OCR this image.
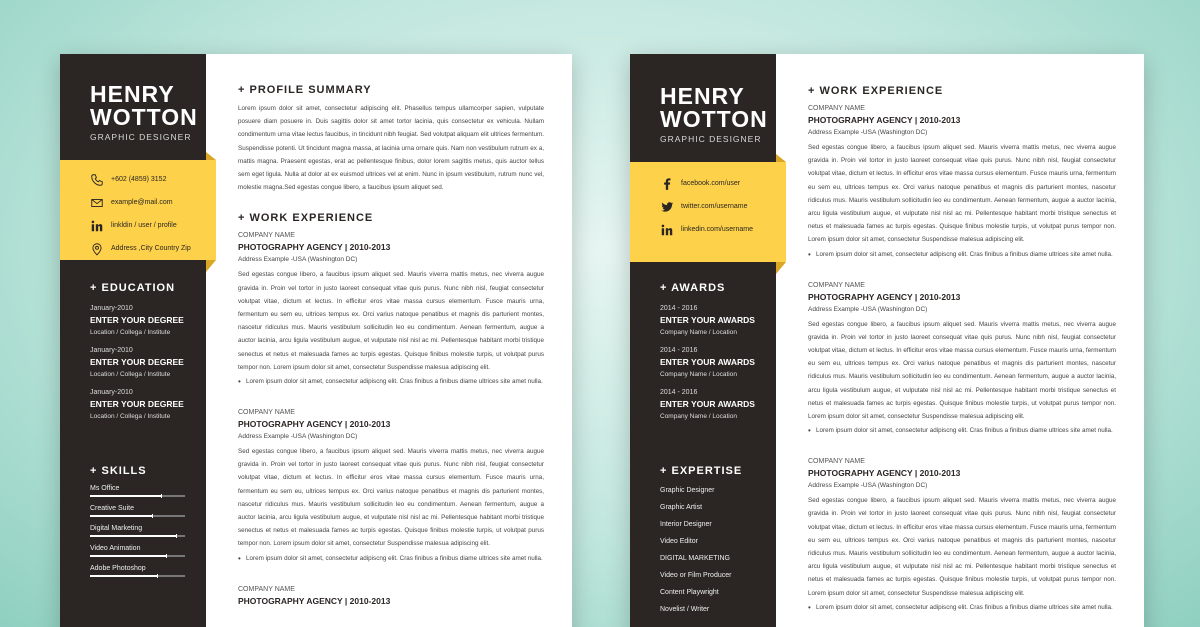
HENRY
WOTTON
GRAPHIC DESIGNER
+602 (4859) 3152
example@mail.com
linkldin / user / profile
Address ,City Country Zip
+ EDUCATION
January-2010
ENTER YOUR DEGREE
Location / Collega / Institute
January-2010
ENTER YOUR DEGREE
Location / Collega / Institute
January-2010
ENTER YOUR DEGREE
Location / Collega / Institute
+ SKILLS
Ms Office
Creative Suite
Digital Marketing
Video Animation
Adobe Photoshop
+ PROFILE SUMMARY
Lorem ipsum dolor sit amet, consectetur adipiscing elit. Phasellus tempus ullamcorper sapien, vulputate posuere diam posuere in. Duis sagittis dolor sit amet tortor lacinia, quis consectetur ex vehicula. Nullam condimentum urna vitae lectus faucibus, in tincidunt nibh feugiat. Sed volutpat aliquam elit ultrices fermentum. Suspendisse potenti. Ut tincidunt magna massa, at lacinia urna ornare quis. Nam non vestibulum rutrum ex a, mattis magna. Praesent egestas, erat ac pellentesque finibus, dolor lorem sagittis metus, quis auctor tellus sem eget ligula. Nulla at dolor at ex euismod ultrices vel at enim. Nunc in ipsum vestibulum, rutrum nunc vel, molestie magna.Sed egestas congue libero, a faucibus ipsum aliquet sed.
+ WORK EXPERIENCE
COMPANY NAME
PHOTOGRAPHY AGENCY | 2010-2013
Address Example -USA (Washington DC)
Sed egestas congue libero, a faucibus ipsum aliquet sed. Mauris viverra mattis metus, nec viverra augue gravida in. Proin vel tortor in justo laoreet consequat vitae quis purus. Nunc nibh nisl, feugiat consectetur volutpat vitae, dictum et lectus. In efficitur eros vitae massa cursus elementum. Fusce mauris urna, fermentum eu sem eu, ultrices tempus ex. Orci varius natoque penatibus et magnis dis parturient montes, nascetur ridiculus mus. Mauris vestibulum sollicitudin leo eu condimentum. Aenean fermentum, augue a auctor lacinia, arcu ligula vestibulum augue, et vulputate nisl nisl ac mi. Pellentesque habitant morbi tristique senectus et netus et malesuada fames ac turpis egestas. Quisque finibus molestie turpis, ut volutpat purus tempor non. Lorem ipsum dolor sit amet, consectetur Suspendisse malesua adipiscing elit.
• Lorem ipsum dolor sit amet, consectetur adipiscng elit. Cras finibus a finibus diame ultrices site amet nulla.
COMPANY NAME
PHOTOGRAPHY AGENCY | 2010-2013
Address Example -USA (Washington DC)
Sed egestas congue libero, a faucibus ipsum aliquet sed. Mauris viverra mattis metus, nec viverra augue gravida in. Proin vel tortor in justo laoreet consequat vitae quis purus. Nunc nibh nisl, feugiat consectetur volutpat vitae, dictum et lectus. In efficitur eros vitae massa cursus elementum. Fusce mauris urna, fermentum eu sem eu, ultrices tempus ex. Orci varius natoque penatibus et magnis dis parturient montes, nascetur ridiculus mus. Mauris vestibulum sollicitudin leo eu condimentum. Aenean fermentum, augue a auctor lacinia, arcu ligula vestibulum augue, et vulputate nisl nisl ac mi. Pellentesque habitant morbi tristique senectus et netus et malesuada fames ac turpis egestas. Quisque finibus molestie turpis, ut volutpat purus tempor non. Lorem ipsum dolor sit amet, consectetur Suspendisse malesua adipiscing elit.
• Lorem ipsum dolor sit amet, consectetur adipiscng elit. Cras finibus a finibus diame ultrices site amet nulla.
COMPANY NAME
PHOTOGRAPHY AGENCY | 2010-2013
HENRY
WOTTON
GRAPHIC DESIGNER
facebook.com/user
twitter.com/username
linkedin.com/username
+ AWARDS
2014 - 2016
ENTER YOUR AWARDS
Company Name / Location
2014 - 2016
ENTER YOUR AWARDS
Company Name / Location
2014 - 2016
ENTER YOUR AWARDS
Company Name / Location
+ EXPERTISE
Graphic Designer
Graphic Artist
Interior Designer
Video Editor
DIGITAL MARKETING
Video or Film Producer
Content Playwright
Novelist / Writer
+ WORK EXPERIENCE
COMPANY NAME
PHOTOGRAPHY AGENCY | 2010-2013
Address Example -USA (Washington DC)
Sed egestas congue libero, a faucibus ipsum aliquet sed. Mauris viverra mattis metus, nec viverra augue gravida in. Proin vel tortor in justo laoreet consequat vitae quis purus. Nunc nibh nisl, feugiat consectetur volutpat vitae, dictum et lectus. In efficitur eros vitae massa cursus elementum. Fusce mauris urna, fermentum eu sem eu, ultrices tempus ex. Orci varius natoque penatibus et magnis dis parturient montes, nascetur ridiculus mus. Mauris vestibulum sollicitudin leo eu condimentum. Aenean fermentum, augue a auctor lacinia, arcu ligula vestibulum augue, et vulputate nisl nisl ac mi. Pellentesque habitant morbi tristique senectus et netus et malesuada fames ac turpis egestas. Quisque finibus molestie turpis, ut volutpat purus tempor non. Lorem ipsum dolor sit amet, consectetur Suspendisse malesua adipiscing elit.
• Lorem ipsum dolor sit amet, consectetur adipiscng elit. Cras finibus a finibus diame ultrices site amet nulla.
COMPANY NAME
PHOTOGRAPHY AGENCY | 2010-2013
Address Example -USA (Washington DC)
Sed egestas congue libero, a faucibus ipsum aliquet sed. Mauris viverra mattis metus, nec viverra augue gravida in. Proin vel tortor in justo laoreet consequat vitae quis purus. Nunc nibh nisl, feugiat consectetur volutpat vitae, dictum et lectus. In efficitur eros vitae massa cursus elementum. Fusce mauris urna, fermentum eu sem eu, ultrices tempus ex. Orci varius natoque penatibus et magnis dis parturient montes, nascetur ridiculus mus. Mauris vestibulum sollicitudin leo eu condimentum. Aenean fermentum, augue a auctor lacinia, arcu ligula vestibulum augue, et vulputate nisl nisl ac mi. Pellentesque habitant morbi tristique senectus et netus et malesuada fames ac turpis egestas. Quisque finibus molestie turpis, ut volutpat purus tempor non. Lorem ipsum dolor sit amet, consectetur Suspendisse malesua adipiscing elit.
• Lorem ipsum dolor sit amet, consectetur adipiscng elit. Cras finibus a finibus diame ultrices site amet nulla.
COMPANY NAME
PHOTOGRAPHY AGENCY | 2010-2013
Address Example -USA (Washington DC)
Sed egestas congue libero, a faucibus ipsum aliquet sed. Mauris viverra mattis metus, nec viverra augue gravida in. Proin vel tortor in justo laoreet consequat vitae quis purus. Nunc nibh nisl, feugiat consectetur volutpat vitae, dictum et lectus. In efficitur eros vitae massa cursus elementum. Fusce mauris urna, fermentum eu sem eu, ultrices tempus ex. Orci varius natoque penatibus et magnis dis parturient montes, nascetur ridiculus mus. Mauris vestibulum sollicitudin leo eu condimentum. Aenean fermentum, augue a auctor lacinia, arcu ligula vestibulum augue, et vulputate nisl nisl ac mi. Pellentesque habitant morbi tristique senectus et netus et malesuada fames ac turpis egestas. Quisque finibus molestie turpis, ut volutpat purus tempor non. Lorem ipsum dolor sit amet, consectetur Suspendisse malesua adipiscing elit.
• Lorem ipsum dolor sit amet, consectetur adipiscng elit. Cras finibus a finibus diame ultrices site amet nulla.
